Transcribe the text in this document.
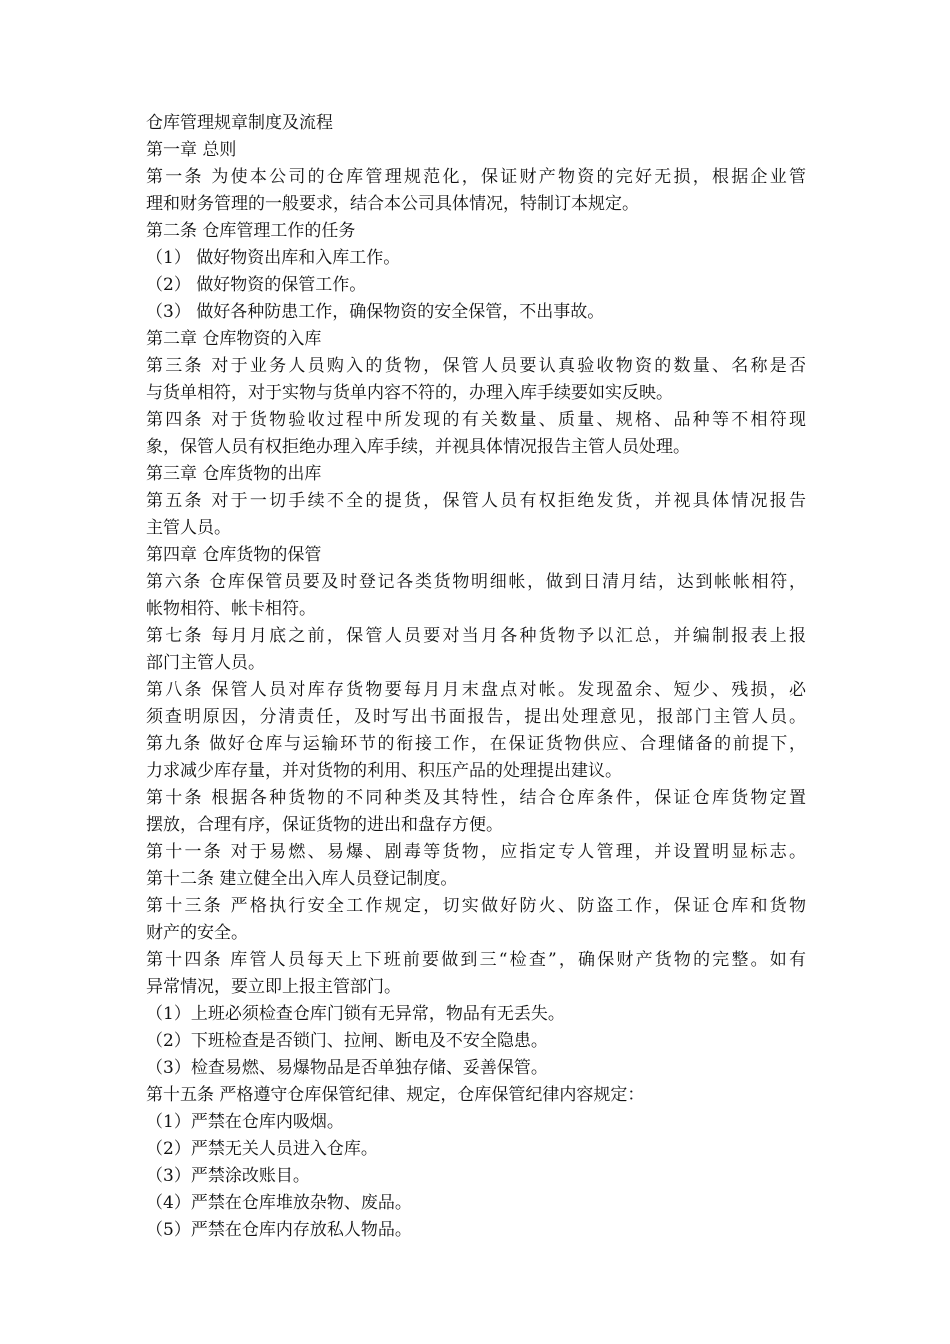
仓库管理规章制度及流程
第一章 总则
第一条 为使本公司的仓库管理规范化，保证财产物资的完好无损，根据企业管
理和财务管理的一般要求，结合本公司具体情况，特制订本规定。
第二条 仓库管理工作的任务
（1） 做好物资出库和入库工作。
（2） 做好物资的保管工作。
（3） 做好各种防患工作，确保物资的安全保管，不出事故。
第二章 仓库物资的入库
第三条 对于业务人员购入的货物，保管人员要认真验收物资的数量、名称是否
与货单相符，对于实物与货单内容不符的，办理入库手续要如实反映。
第四条 对于货物验收过程中所发现的有关数量、质量、规格、品种等不相符现
象，保管人员有权拒绝办理入库手续，并视具体情况报告主管人员处理。
第三章 仓库货物的出库
第五条 对于一切手续不全的提货，保管人员有权拒绝发货，并视具体情况报告
主管人员。
第四章 仓库货物的保管
第六条 仓库保管员要及时登记各类货物明细帐，做到日清月结，达到帐帐相符，
帐物相符、帐卡相符。
第七条 每月月底之前，保管人员要对当月各种货物予以汇总，并编制报表上报
部门主管人员。
第八条 保管人员对库存货物要每月月末盘点对帐。发现盈余、短少、残损，必
须查明原因，分清责任，及时写出书面报告，提出处理意见，报部门主管人员。
第九条 做好仓库与运输环节的衔接工作，在保证货物供应、合理储备的前提下，
力求减少库存量，并对货物的利用、积压产品的处理提出建议。
第十条 根据各种货物的不同种类及其特性，结合仓库条件，保证仓库货物定置
摆放，合理有序，保证货物的进出和盘存方便。
第十一条 对于易燃、易爆、剧毒等货物，应指定专人管理，并设置明显标志。
第十二条 建立健全出入库人员登记制度。
第十三条 严格执行安全工作规定，切实做好防火、防盗工作，保证仓库和货物
财产的安全。
第十四条 库管人员每天上下班前要做到三“检查”，确保财产货物的完整。如有
异常情况，要立即上报主管部门。
（1）上班必须检查仓库门锁有无异常，物品有无丢失。
（2）下班检查是否锁门、拉闸、断电及不安全隐患。
（3）检查易燃、易爆物品是否单独存储、妥善保管。
第十五条 严格遵守仓库保管纪律、规定，仓库保管纪律内容规定：
（1）严禁在仓库内吸烟。
（2）严禁无关人员进入仓库。
（3）严禁涂改账目。
（4）严禁在仓库堆放杂物、废品。
（5）严禁在仓库内存放私人物品。
